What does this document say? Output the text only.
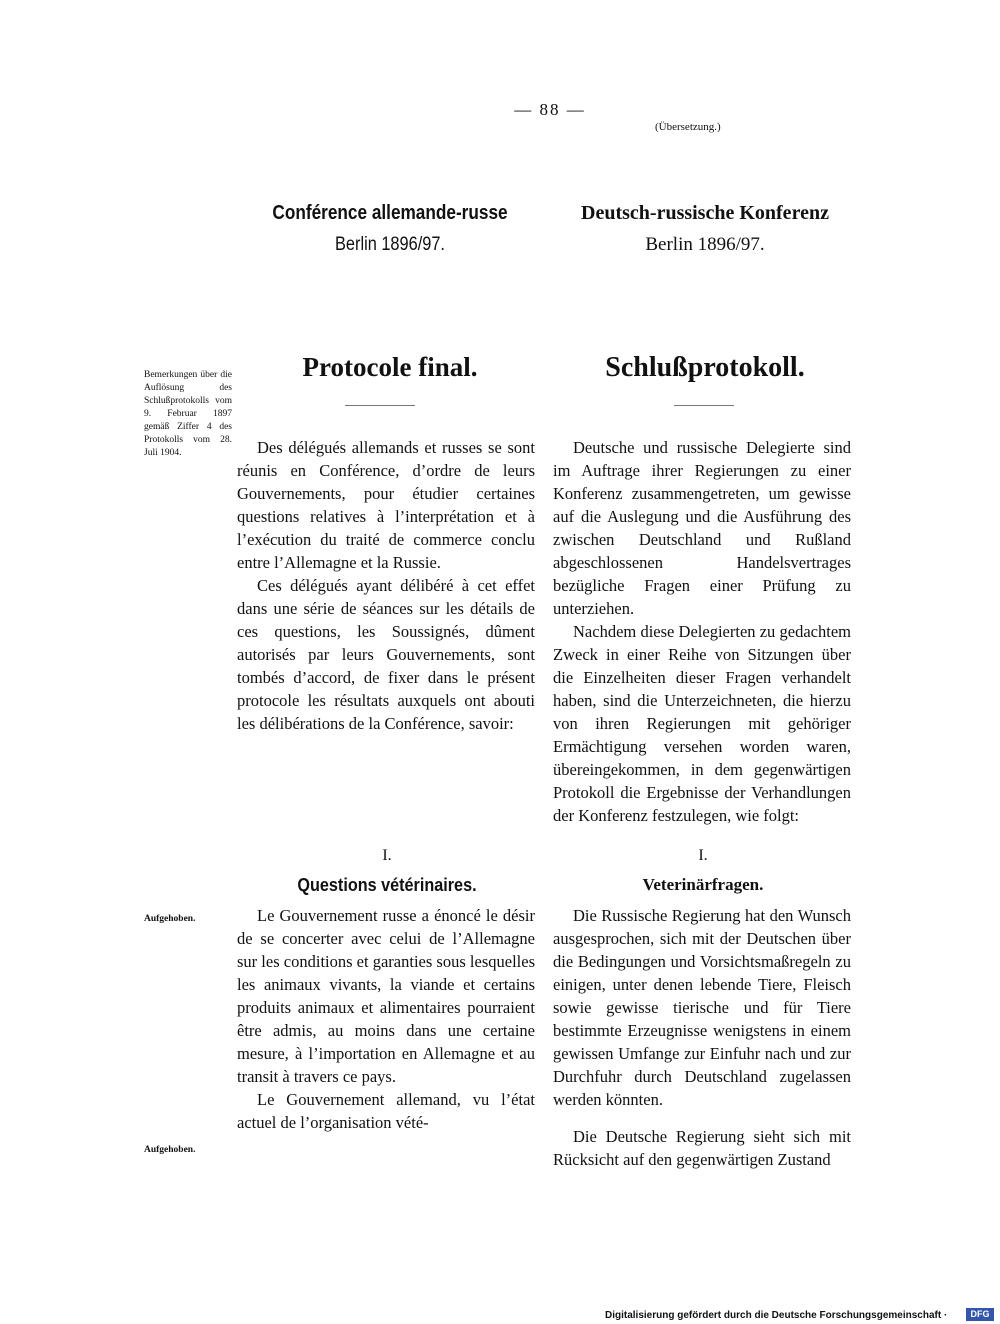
— 88 —
(Übersetzung.)
Conférence allemande-russe
Berlin 1896/97.
Deutsch-russische Konferenz
Berlin 1896/97.
Bemerkungen über die Auflösung des Schlußprotokolls vom 9. Februar 1897 gemäß Ziffer 4 des Protokolls vom 28. Juli 1904.
Protocole final.	Schlußprotokoll.

Des délégués allemands et russes se sont réunis en Conférence, d’ordre de leurs Gouvernements, pour étudier certaines questions relatives à l’interprétation et à l’exécution du traité de commerce conclu entre l’Allemagne et la Russie.

Ces délégués ayant délibéré à cet effet dans une série de séances sur les détails de ces questions, les Soussignés, dûment autorisés par leurs Gouvernements, sont tombés d’accord, de fixer dans le présent protocole les résultats auxquels ont abouti les délibérations de la Conférence, savoir:

Deutsche und russische Delegierte sind im Auftrage ihrer Regierungen zu einer Konferenz zusammengetreten, um gewisse auf die Auslegung und die Ausführung des zwischen Deutschland und Rußland abgeschlossenen Handelsvertrages bezügliche Fragen einer Prüfung zu unterziehen.

Nachdem diese Delegierten zu gedachtem Zweck in einer Reihe von Sitzungen über die Einzelheiten dieser Fragen verhandelt haben, sind die Unterzeichneten, die hierzu von ihren Regierungen mit gehöriger Ermächtigung versehen worden waren, übereingekommen, in dem gegenwärtigen Protokoll die Ergebnisse der Verhandlungen der Konferenz festzulegen, wie folgt:

I.	I.
Questions vétérinaires.	Veterinärfragen.
Aufgehoben.
Aufgehoben.

Le Gouvernement russe a énoncé le désir de se concerter avec celui de l’Allemagne sur les conditions et garanties sous lesquelles les animaux vivants, la viande et certains produits animaux et alimentaires pourraient être admis, au moins dans une certaine mesure, à l’importation en Allemagne et au transit à travers ce pays.

Le Gouvernement allemand, vu l’état actuel de l’organisation vété-

Die Russische Regierung hat den Wunsch ausgesprochen, sich mit der Deutschen über die Bedingungen und Vorsichtsmaßregeln zu einigen, unter denen lebende Tiere, Fleisch sowie gewisse tierische und für Tiere bestimmte Erzeugnisse wenigstens in einem gewissen Umfange zur Einfuhr nach und zur Durchfuhr durch Deutschland zugelassen werden könnten.

Die Deutsche Regierung sieht sich mit Rücksicht auf den gegenwärtigen Zustand

Digitalisierung gefördert durch die Deutsche Forschungsgemeinschaft ·	DFG
